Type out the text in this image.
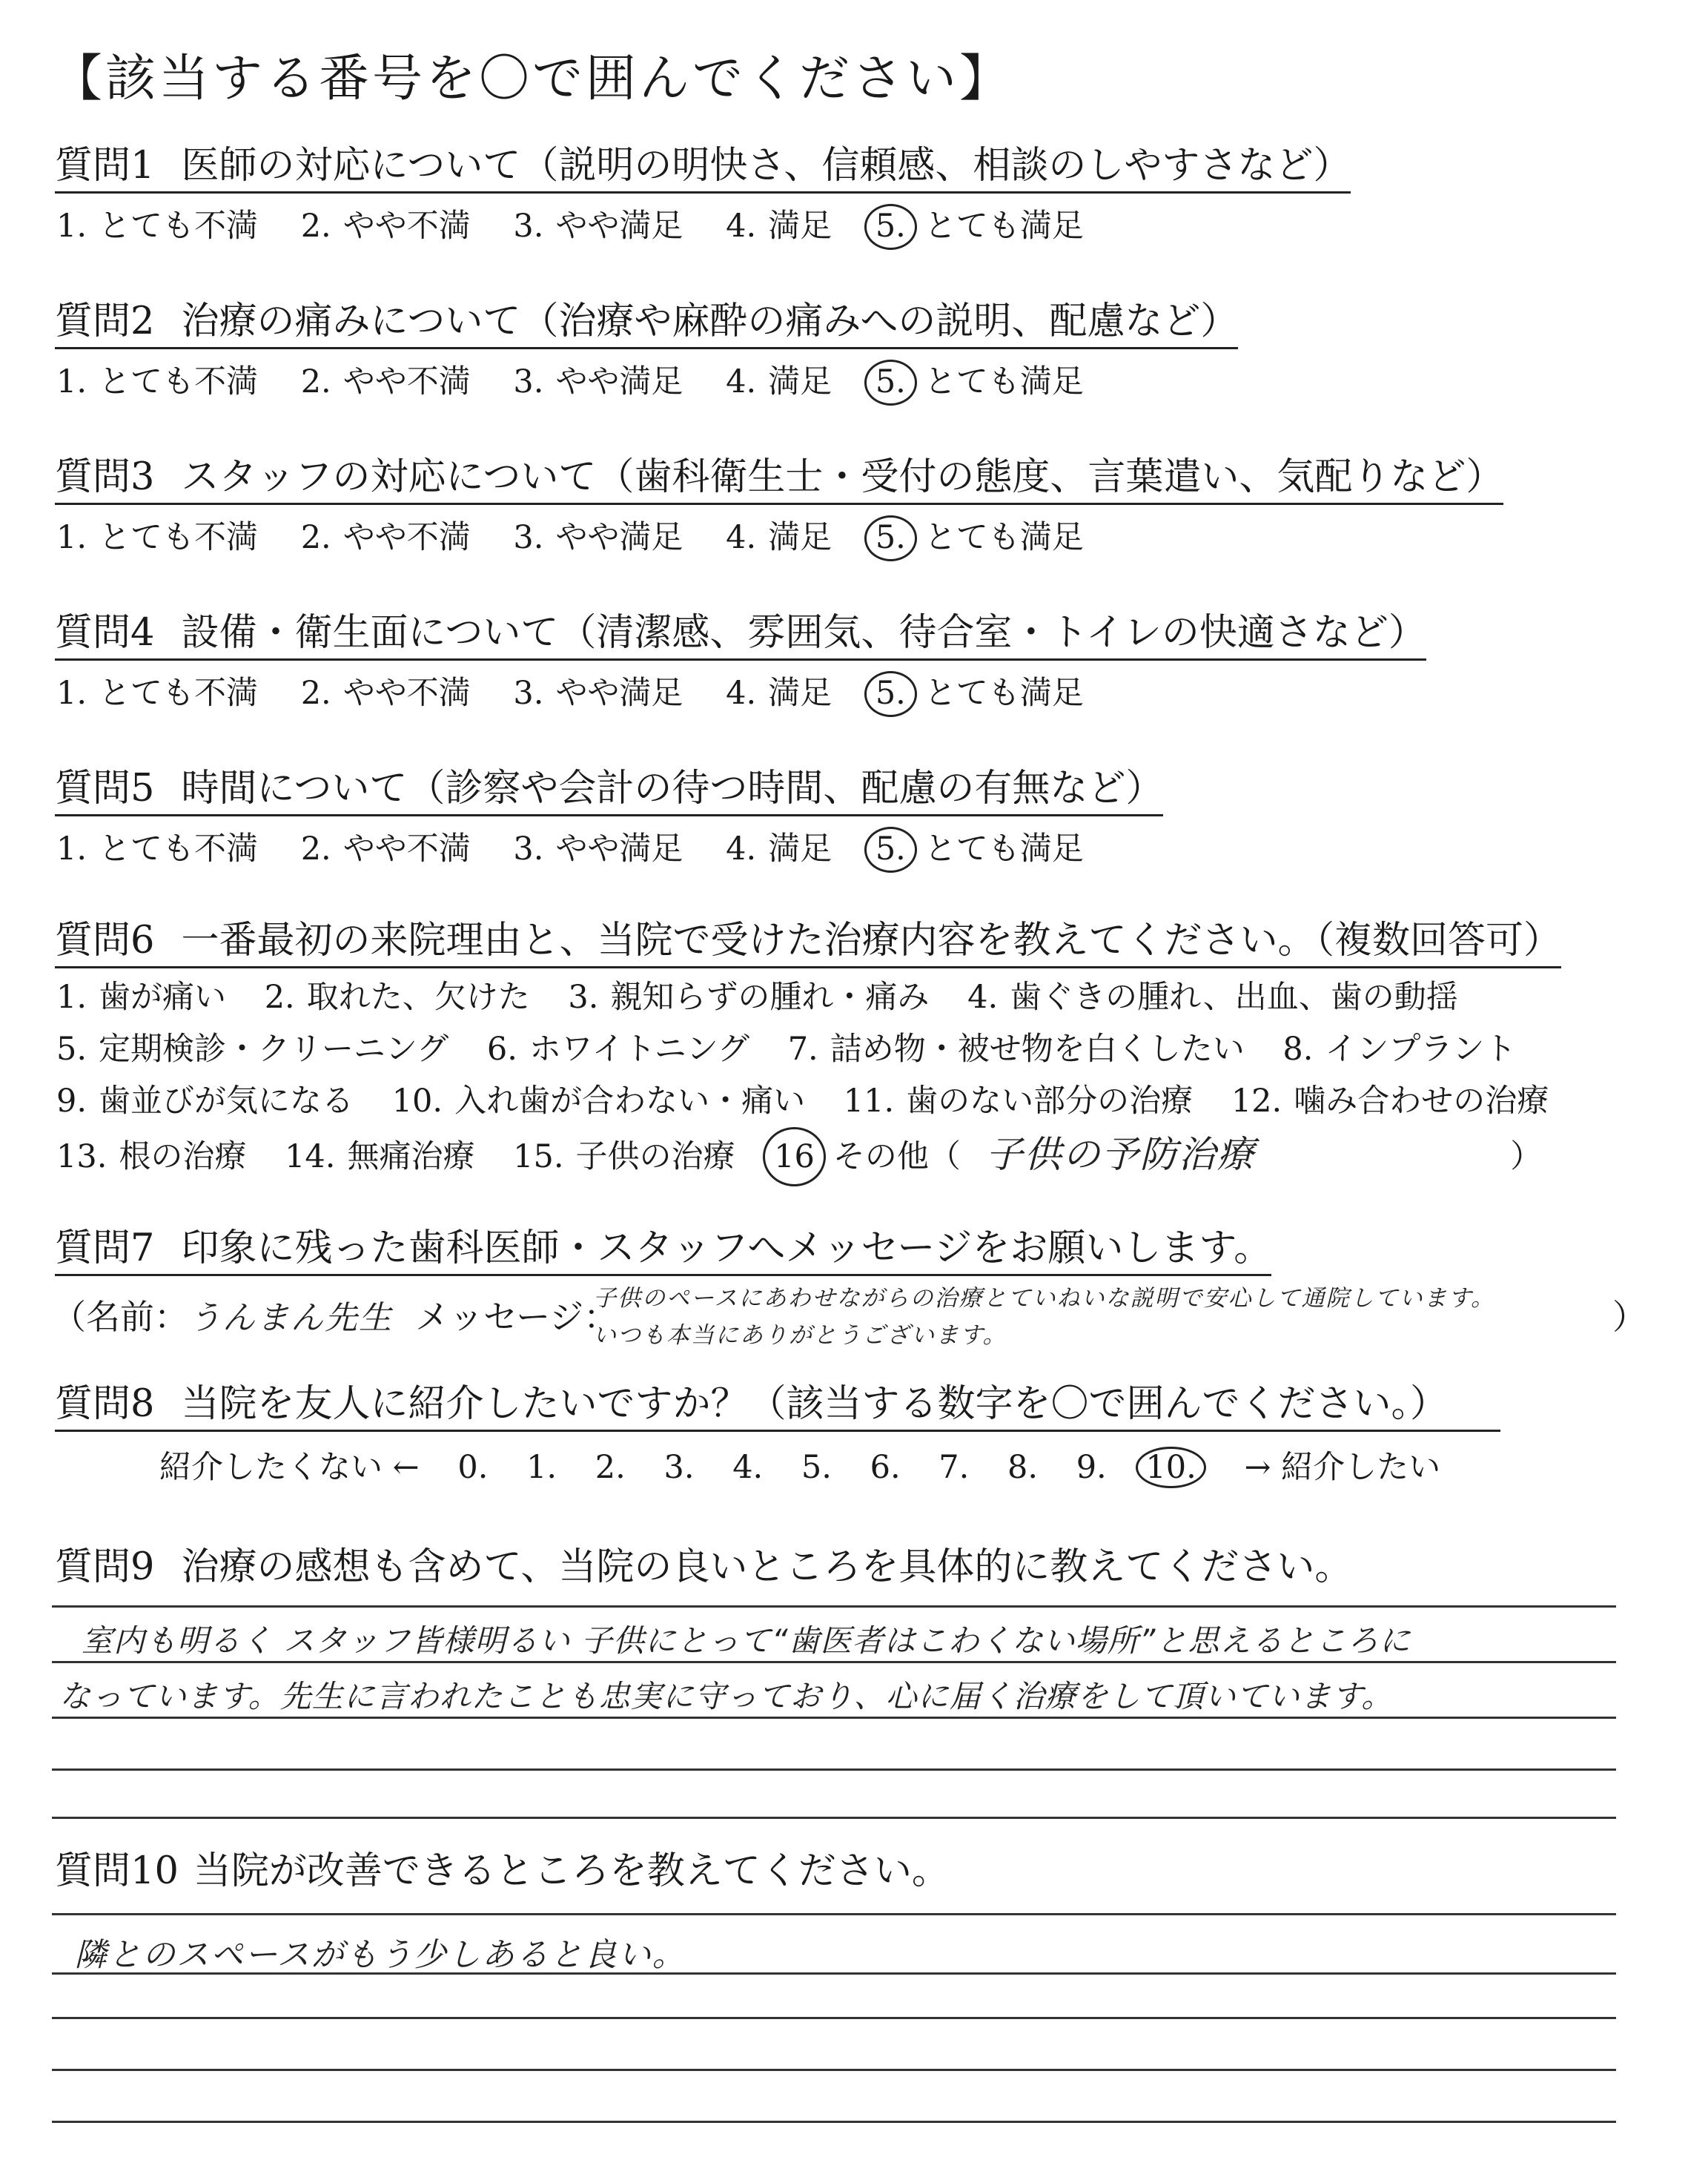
【該当する番号を〇で囲んでください】
質問1 医師の対応について（説明の明快さ、信頼感、相談のしやすさなど）
1. とても不満 2. やや不満 3. やや満足 4. 満足 5. とても満足
質問2 治療の痛みについて（治療や麻酔の痛みへの説明、配慮など）
1. とても不満 2. やや不満 3. やや満足 4. 満足 5. とても満足
質問3 スタッフの対応について（歯科衛生士・受付の態度、言葉遣い、気配りなど）
1. とても不満 2. やや不満 3. やや満足 4. 満足 5. とても満足
質問4 設備・衛生面について（清潔感、雰囲気、待合室・トイレの快適さなど）
1. とても不満 2. やや不満 3. やや満足 4. 満足 5. とても満足
質問5 時間について（診察や会計の待つ時間、配慮の有無など）
1. とても不満 2. やや不満 3. やや満足 4. 満足 5. とても満足
質問6 一番最初の来院理由と、当院で受けた治療内容を教えてください。（複数回答可）
1. 歯が痛い 2. 取れた、欠けた 3. 親知らずの腫れ・痛み 4. 歯ぐきの腫れ、出血、歯の動揺
5. 定期検診・クリーニング 6. ホワイトニング 7. 詰め物・被せ物を白くしたい 8. インプラント
9. 歯並びが気になる 10. 入れ歯が合わない・痛い 11. 歯のない部分の治療 12. 噛み合わせの治療
13. 根の治療 14. 無痛治療 15. 子供の治療 16 その他（ 子供の予防治療	）
質問7 印象に残った歯科医師・スタッフへメッセージをお願いします。
（名前：うんまん先生 メッセージ：
子供のペースにあわせながらの治療とていねいな説明で安心して通院しています。
いつも本当にありがとうございます。	）
質問8 当院を友人に紹介したいですか？（該当する数字を〇で囲んでください。）
紹介したくない ← 0. 1. 2. 3. 4. 5. 6. 7. 8. 9. 10. → 紹介したい
質問9 治療の感想も含めて、当院の良いところを具体的に教えてください。
室内も明るく スタッフ皆様明るい 子供にとって“歯医者はこわくない場所”と思えるところに
なっています。先生に言われたことも忠実に守っており、心に届く治療をして頂いています。
質問10 当院が改善できるところを教えてください。
隣とのスペースがもう少しあると良い。
